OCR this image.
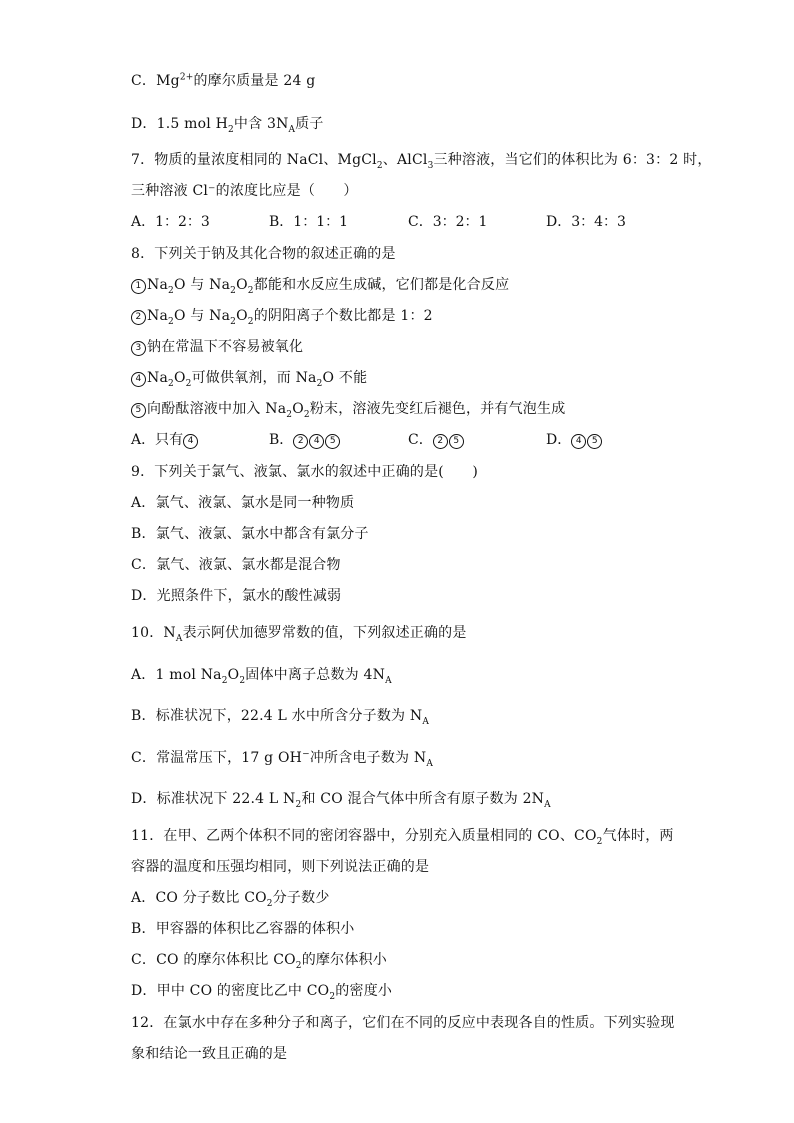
C．$Mg^{2+}$的摩尔质量是 24 g
D．1.5 mol $H_2$中含 $3N_A$质子
7．物质的量浓度相同的 NaCl、MgCl$_2$、AlCl$_3$三种溶液，当它们的体积比为 6：3：2 时，
三种溶液 Cl⁻的浓度比应是（　　）
A．1：2：3	B．1：1：1	C．3：2：1	D．3：4：3
8．下列关于钠及其化合物的叙述正确的是
1 $Na_2O$ 与 $Na_2O_2$都能和水反应生成碱，它们都是化合反应
2 $Na_2O$ 与 $Na_2O_2$的阴阳离子个数比都是 1：2
3 钠在常温下不容易被氧化
4 $Na_2O_2$可做供氧剂，而 $Na_2O$ 不能
5 向酚酞溶液中加入 $Na_2O_2$粉末，溶液先变红后褪色，并有气泡生成
A．只有 4	B． 2 4 5	C． 2 5	D． 4 5
9．下列关于氯气、液氯、氯水的叙述中正确的是(　　)
A．氯气、液氯、氯水是同一种物质
B．氯气、液氯、氯水中都含有氯分子
C．氯气、液氯、氯水都是混合物
D．光照条件下，氯水的酸性减弱
10．$N_A$表示阿伏加德罗常数的值，下列叙述正确的是
A．1 mol $Na_2O_2$固体中离子总数为 $4N_A$
B．标准状况下，22.4 L 水中所含分子数为 $N_A$
C．常温常压下，17 g OH−冲所含电子数为 $N_A$
D．标准状况下 22.4 L $N_2$和 CO 混合气体中所含有原子数为 $2N_A$
11．在甲、乙两个体积不同的密闭容器中，分别充入质量相同的 CO、$CO_2$气体时，两
容器的温度和压强均相同，则下列说法正确的是
A．CO 分子数比 $CO_2$分子数少
B．甲容器的体积比乙容器的体积小
C．CO 的摩尔体积比 $CO_2$的摩尔体积小
D．甲中 CO 的密度比乙中 $CO_2$的密度小
12．在氯水中存在多种分子和离子，它们在不同的反应中表现各自的性质。下列实验现
象和结论一致且正确的是
